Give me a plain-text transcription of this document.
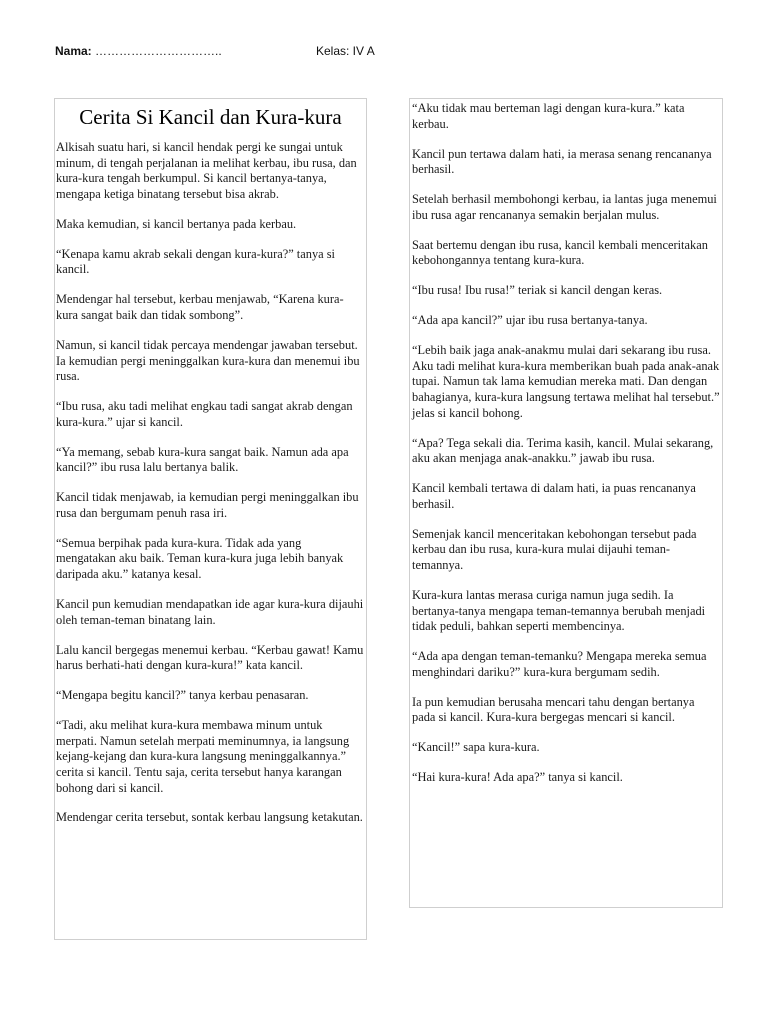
Nama: …………………………..	Kelas: IV A
Cerita Si Kancil dan Kura-kura

Alkisah suatu hari, si kancil hendak pergi ke sungai untuk minum, di tengah perjalanan ia melihat kerbau, ibu rusa, dan kura-kura tengah berkumpul. Si kancil bertanya-tanya, mengapa ketiga binatang tersebut bisa akrab.

Maka kemudian, si kancil bertanya pada kerbau.

“Kenapa kamu akrab sekali dengan kura-kura?” tanya si kancil.

Mendengar hal tersebut, kerbau menjawab, “Karena kura-kura sangat baik dan tidak sombong”.

Namun, si kancil tidak percaya mendengar jawaban tersebut. Ia kemudian pergi meninggalkan kura-kura dan menemui ibu rusa.

“Ibu rusa, aku tadi melihat engkau tadi sangat akrab dengan kura-kura.” ujar si kancil.

“Ya memang, sebab kura-kura sangat baik. Namun ada apa kancil?” ibu rusa lalu bertanya balik.

Kancil tidak menjawab, ia kemudian pergi meninggalkan ibu rusa dan bergumam penuh rasa iri.

“Semua berpihak pada kura-kura. Tidak ada yang mengatakan aku baik. Teman kura-kura juga lebih banyak daripada aku.” katanya kesal.

Kancil pun kemudian mendapatkan ide agar kura-kura dijauhi oleh teman-teman binatang lain.

Lalu kancil bergegas menemui kerbau. “Kerbau gawat! Kamu harus berhati-hati dengan kura-kura!” kata kancil.

“Mengapa begitu kancil?” tanya kerbau penasaran.

“Tadi, aku melihat kura-kura membawa minum untuk merpati. Namun setelah merpati meminumnya, ia langsung kejang-kejang dan kura-kura langsung meninggalkannya.” cerita si kancil. Tentu saja, cerita tersebut hanya karangan bohong dari si kancil.

Mendengar cerita tersebut, sontak kerbau langsung ketakutan.

“Aku tidak mau berteman lagi dengan kura-kura.” kata kerbau.

Kancil pun tertawa dalam hati, ia merasa senang rencananya berhasil.

Setelah berhasil membohongi kerbau, ia lantas juga menemui ibu rusa agar rencananya semakin berjalan mulus.

Saat bertemu dengan ibu rusa, kancil kembali menceritakan kebohongannya tentang kura-kura.

“Ibu rusa! Ibu rusa!” teriak si kancil dengan keras.

“Ada apa kancil?” ujar ibu rusa bertanya-tanya.

“Lebih baik jaga anak-anakmu mulai dari sekarang ibu rusa. Aku tadi melihat kura-kura memberikan buah pada anak-anak tupai. Namun tak lama kemudian mereka mati. Dan dengan bahagianya, kura-kura langsung tertawa melihat hal tersebut.” jelas si kancil bohong.

“Apa? Tega sekali dia. Terima kasih, kancil. Mulai sekarang, aku akan menjaga anak-anakku.” jawab ibu rusa.

Kancil kembali tertawa di dalam hati, ia puas rencananya berhasil.

Semenjak kancil menceritakan kebohongan tersebut pada kerbau dan ibu rusa, kura-kura mulai dijauhi teman-temannya.

Kura-kura lantas merasa curiga namun juga sedih. Ia bertanya-tanya mengapa teman-temannya berubah menjadi tidak peduli, bahkan seperti membencinya.

“Ada apa dengan teman-temanku? Mengapa mereka semua menghindari dariku?” kura-kura bergumam sedih.

Ia pun kemudian berusaha mencari tahu dengan bertanya pada si kancil. Kura-kura bergegas mencari si kancil.

“Kancil!” sapa kura-kura.

“Hai kura-kura! Ada apa?” tanya si kancil.
